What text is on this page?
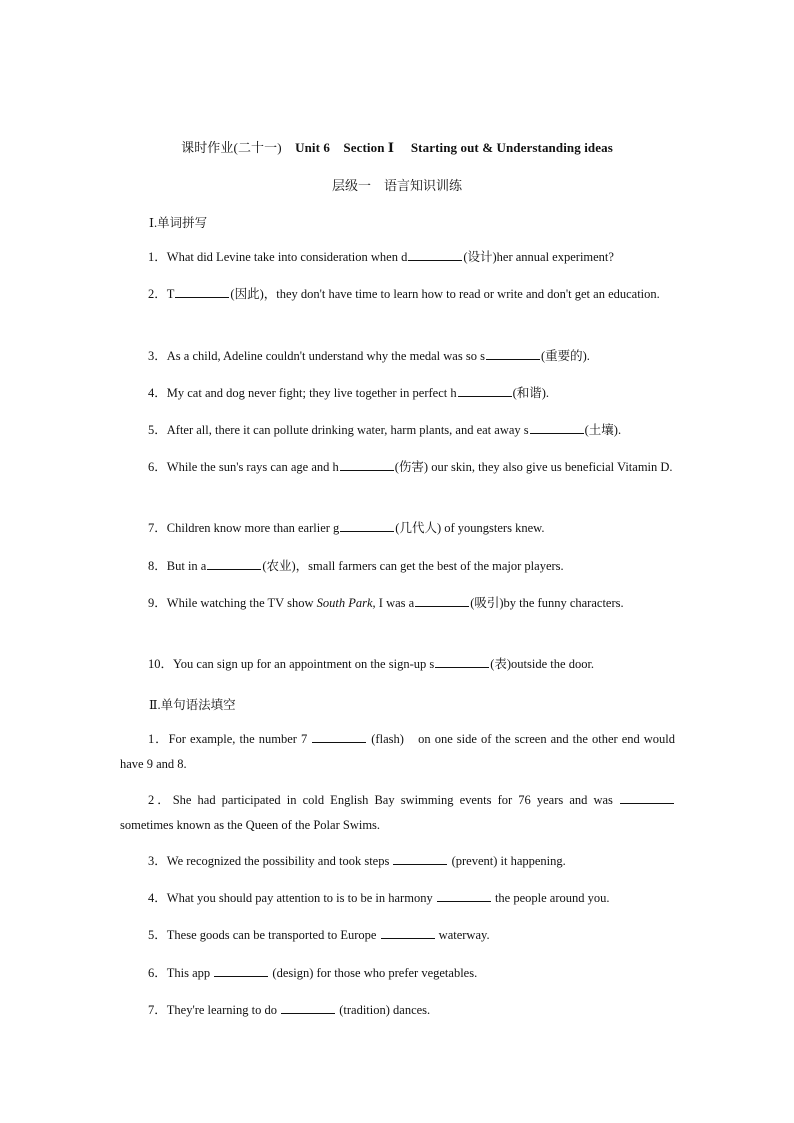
课时作业(二十一) Unit 6 Section Ⅰ Starting out & Understanding ideas
层级一　语言知识训练
Ⅰ.单词拼写
1．What did Levine take into consideration when d	(设计)her annual experiment?
2．T	(因此)，they don't have time to learn how to read or write and don't get an education.
3．As a child, Adeline couldn't understand why the medal was so s	(重要的).
4．My cat and dog never fight; they live together in perfect h	(和谐).
5．After all, there it can pollute drinking water, harm plants, and eat away s	(土壤).
6．While the sun's rays can age and h	(伤害) our skin, they also give us beneficial Vitamin D.
7．Children know more than earlier g	(几代人) of youngsters knew.
8．But in a	(农业)，small farmers can get the best of the major players.
9．While watching the TV show South Park, I was a	(吸引)by the funny characters.
10．You can sign up for an appointment on the sign-up s	(表)outside the door.
Ⅱ.单句语法填空
1．For example, the number 7	(flash)　on one side of the screen and the other end would have 9 and 8.
2．She had participated in cold English Bay swimming events for 76 years and was  sometimes known as the Queen of the Polar Swims.
3．We recognized the possibility and took steps	(prevent) it happening.
4．What you should pay attention to is to be in harmony	the people around you.
5．These goods can be transported to Europe	waterway.
6．This app	(design) for those who prefer vegetables.
7．They're learning to do	(tradition) dances.
